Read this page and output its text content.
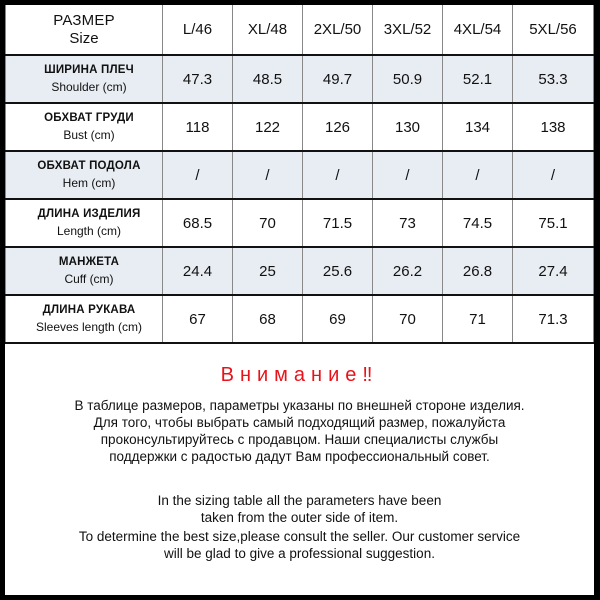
РАЗМЕР
Size	L/46	XL/48	2XL/50	3XL/52	4XL/54	5XL/56

ШИРИНА ПЛЕЧ
Shoulder (cm)	47.3	48.5	49.7	50.9	52.1	53.3

ОБХВАТ ГРУДИ
Bust (cm)	118	122	126	130	134	138

ОБХВАТ ПОДОЛА
Hem (cm)	/	/	/	/	/	/

ДЛИНА ИЗДЕЛИЯ
Length (cm)	68.5	70	71.5	73	74.5	75.1

МАНЖЕТА
Cuff (cm)	24.4	25	25.6	26.2	26.8	27.4

ДЛИНА РУКАВА
Sleeves length (cm)	67	68	69	70	71	71.3
Внимание‼
В таблице размеров, параметры указаны по внешней стороне изделия.
Для того, чтобы выбрать самый подходящий размер, пожалуйста
проконсультируйтесь с продавцом. Наши специалисты службы
поддержки с радостью дадут Вам профессиональный совет.
In the sizing table all the parameters have been
taken from the outer side of item.
To determine the best size,please consult the seller. Our customer service
will be glad to give a professional suggestion.
